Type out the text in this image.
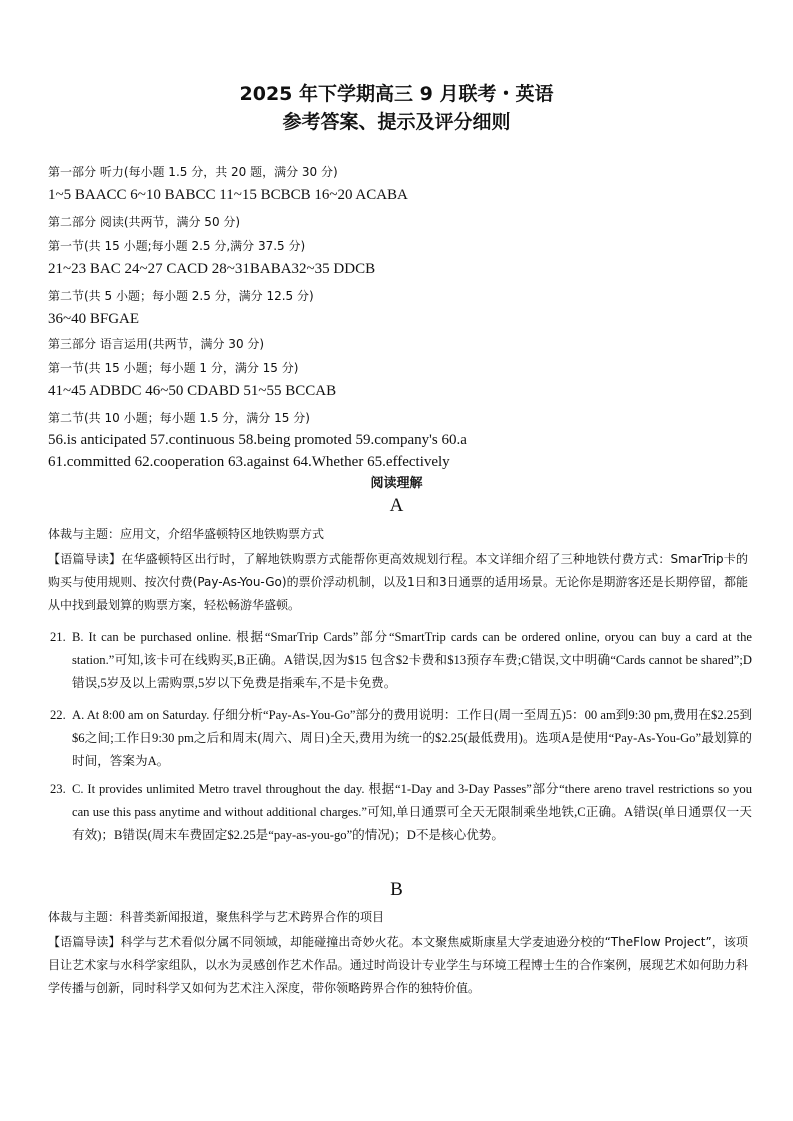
2025 年下学期高三 9 月联考・英语
参考答案、提示及评分细则
第一部分 听力(每小题 1.5 分，共 20 题，满分 30 分)
1~5 BAACC 6~10 BABCC 11~15 BCBCB 16~20 ACABA
第二部分 阅读(共两节，满分 50 分)
第一节(共 15 小题;每小题 2.5 分,满分 37.5 分)
21~23 BAC 24~27 CACD 28~31BABA32~35 DDCB
第二节(共 5 小题；每小题 2.5 分，满分 12.5 分)
36~40 BFGAE
第三部分 语言运用(共两节，满分 30 分)
第一节(共 15 小题；每小题 1 分，满分 15 分)
41~45 ADBDC 46~50 CDABD 51~55 BCCAB
第二节(共 10 小题；每小题 1.5 分，满分 15 分)
56.is anticipated 57.continuous 58.being promoted 59.company's 60.a
61.committed 62.cooperation 63.against 64.Whether 65.effectively
阅读理解
A
体裁与主题：应用文，介绍华盛顿特区地铁购票方式
【语篇导读】在华盛顿特区出行时，了解地铁购票方式能帮你更高效规划行程。本文详细介绍了三种地铁付费方式：SmarTrip卡的购买与使用规则、按次付费(Pay-As-You-Go)的票价浮动机制，以及1日和3日通票的适用场景。无论你是期游客还是长期停留，都能从中找到最划算的购票方案，轻松畅游华盛顿。
21. B. It can be purchased online. 根据“SmarTrip Cards”部分“SmartTrip cards can be ordered online, oryou can buy a card at the station.”可知,该卡可在线购买,B正确。A错误,因为$15 包含$2卡费和$13预存车费;C错误,文中明确“Cards cannot be shared”;D错误,5岁及以上需购票,5岁以下免费是指乘车,不是卡免费。
22. A. At 8:00 am on Saturday. 仔细分析“Pay-As-You-Go”部分的费用说明：工作日(周一至周五)5：00 am到9:30 pm,费用在$2.25到$6之间;工作日9:30 pm之后和周末(周六、周日)全天,费用为统一的$2.25(最低费用)。选项A是使用“Pay-As-You-Go”最划算的时间，答案为A。
23. C. It provides unlimited Metro travel throughout the day. 根据“1-Day and 3-Day Passes”部分“there areno travel restrictions so you can use this pass anytime and without additional charges.”可知,单日通票可全天无限制乘坐地铁,C正确。A错误(单日通票仅一天有效)；B错误(周末车费固定$2.25是“pay-as-you-go”的情况)；D不是核心优势。
B
体裁与主题：科普类新闻报道，聚焦科学与艺术跨界合作的项目
【语篇导读】科学与艺术看似分属不同领域，却能碰撞出奇妙火花。本文聚焦威斯康星大学麦迪逊分校的“TheFlow Project”，该项目让艺术家与水科学家组队，以水为灵感创作艺术作品。通过时尚设计专业学生与环境工程博士生的合作案例，展现艺术如何助力科学传播与创新，同时科学又如何为艺术注入深度，带你领略跨界合作的独特价值。
